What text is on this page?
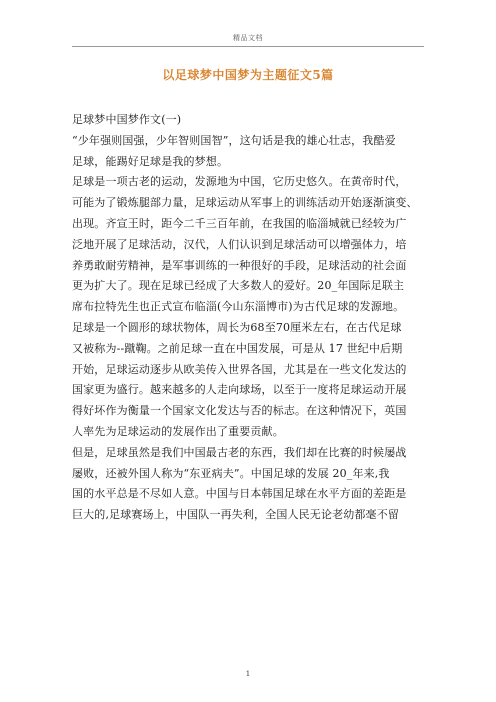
精品文档
以足球梦中国梦为主题征文5篇
足球梦中国梦作文(一)
“少年强则国强，少年智则国智”，这句话是我的雄心壮志，我酷爱
足球，能踢好足球是我的梦想。
足球是一项古老的运动，发源地为中国，它历史悠久。在黄帝时代，
可能为了锻炼腿部力量，足球运动从军事上的训练活动开始逐渐演变、
出现。齐宣王时，距今二千三百年前，在我国的临淄城就已经较为广
泛地开展了足球活动，汉代，人们认识到足球活动可以增强体力，培
养勇敢耐劳精神，是军事训练的一种很好的手段，足球活动的社会面
更为扩大了。现在足球已经成了大多数人的爱好。20_年国际足联主
席布拉特先生也正式宣布临淄(今山东淄博市)为古代足球的发源地。
足球是一个圆形的球状物体，周长为68至70厘米左右，在古代足球
又被称为--蹴鞠。之前足球一直在中国发展，可是从 17 世纪中后期
开始，足球运动逐步从欧美传入世界各国，尤其是在一些文化发达的
国家更为盛行。越来越多的人走向球场，以至于一度将足球运动开展
得好坏作为衡量一个国家文化发达与否的标志。在这种情况下，英国
人率先为足球运动的发展作出了重要贡献。
但是，足球虽然是我们中国最古老的东西，我们却在比赛的时候屡战
屡败，还被外国人称为“东亚病夫”。中国足球的发展 20_年来,我
国的水平总是不尽如人意。中国与日本韩国足球在水平方面的差距是
巨大的,足球赛场上，中国队一再失利，全国人民无论老幼都毫不留
1
